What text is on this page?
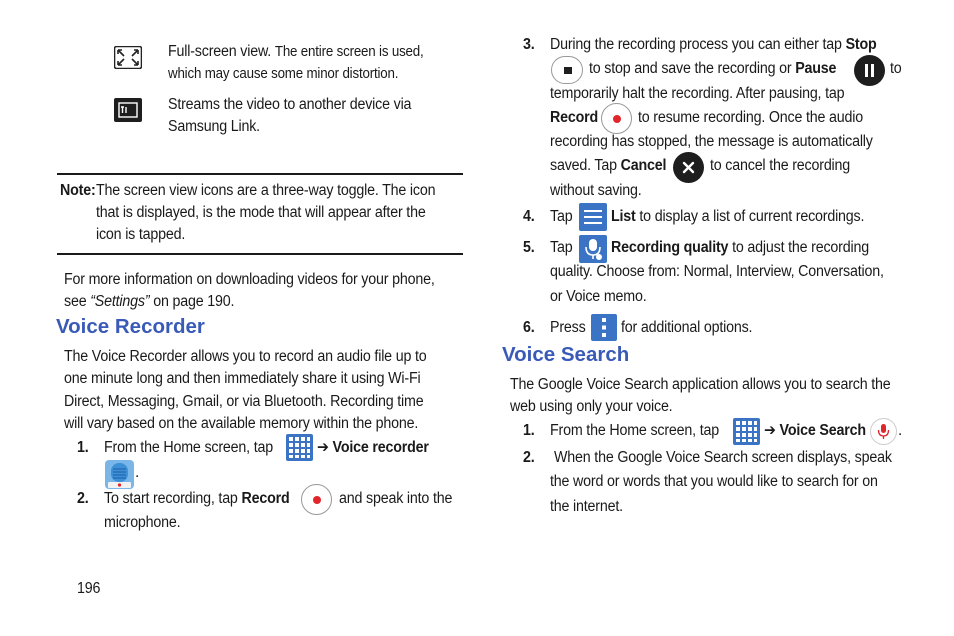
Full-screen view. The entire screen is used,
which may cause some minor distortion.
Streams the video to another device via
Samsung Link.
Note: The screen view icons are a three-way toggle. The icon
that is displayed, is the mode that will appear after the
icon is tapped.
For more information on downloading videos for your phone,
see “Settings” on page 190.
Voice Recorder
The Voice Recorder allows you to record an audio file up to
one minute long and then immediately share it using Wi-Fi
Direct, Messaging, Gmail, or via Bluetooth. Recording time
will vary based on the available memory within the phone.
1. From the Home screen, tap	➔ Voice recorder
.
2. To start recording, tap Record	and speak into the
microphone.
196
3. During the recording process you can either tap Stop
to stop and save the recording or Pause	to
temporarily halt the recording. After pausing, tap
Record	to resume recording. Once the audio
recording has stopped, the message is automatically
saved. Tap Cancel	to cancel the recording
without saving.
4. Tap List to display a list of current recordings.
5. Tap Recording quality to adjust the recording
quality. Choose from: Normal, Interview, Conversation,
or Voice memo.
6. Press for additional options.
Voice Search
The Google Voice Search application allows you to search the
web using only your voice.
1. From the Home screen, tap	➔ Voice Search .
2. When the Google Voice Search screen displays, speak
the word or words that you would like to search for on
the internet.
